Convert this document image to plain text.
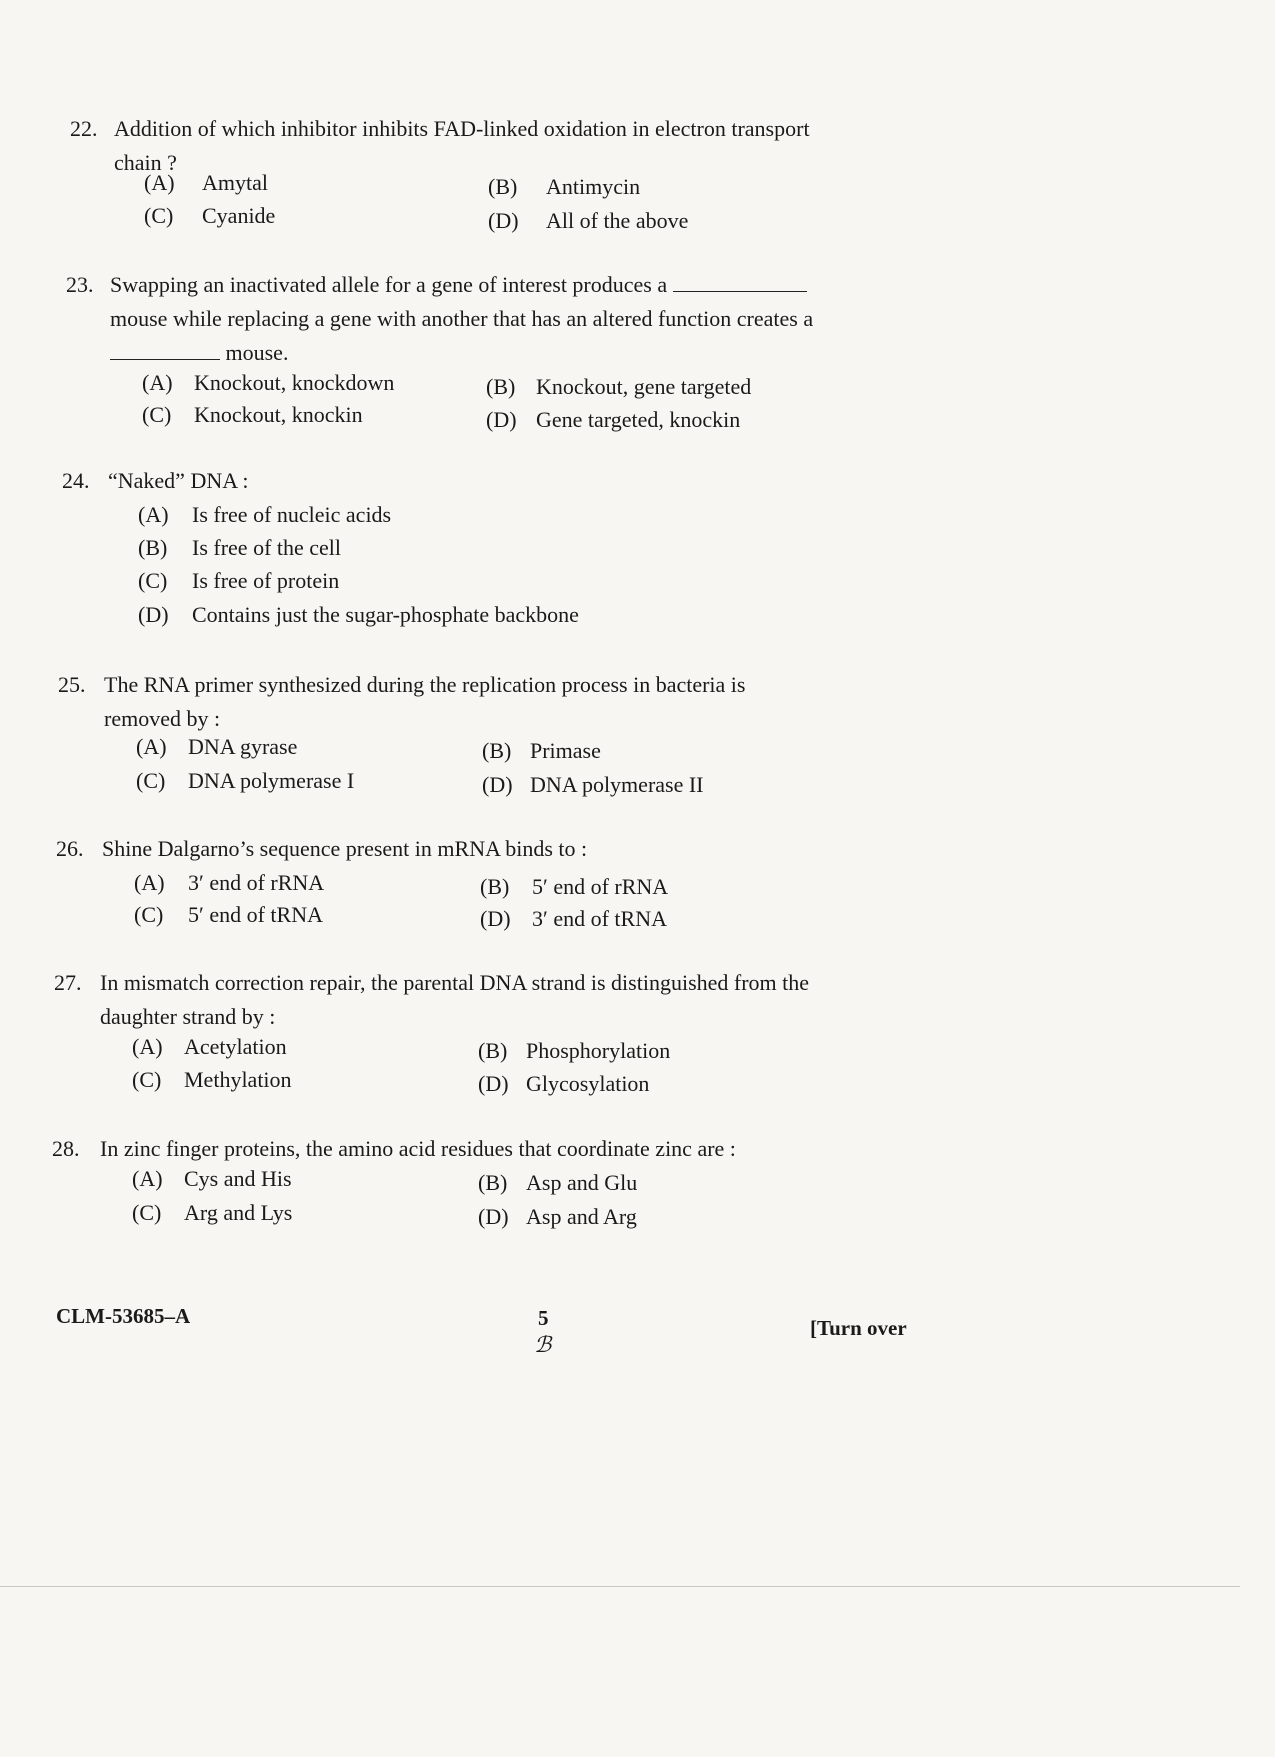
22. Addition of which inhibitor inhibits FAD-linked oxidation in electron transport chain ?
(A) Amytal	(B) Antimycin
(C) Cyanide	(D) All of the above
23. Swapping an inactivated allele for a gene of interest produces a
mouse while replacing a gene with another that has an altered function creates a
mouse.
(A) Knockout, knockdown	(B) Knockout, gene targeted
(C) Knockout, knockin	(D) Gene targeted, knockin
24. “Naked” DNA :
(A) Is free of nucleic acids
(B) Is free of the cell
(C) Is free of protein
(D) Contains just the sugar-phosphate backbone
25. The RNA primer synthesized during the replication process in bacteria is removed by :
(A) DNA gyrase	(B) Primase
(C) DNA polymerase I	(D) DNA polymerase II
26. Shine Dalgarno’s sequence present in mRNA binds to :
(A) 3′ end of rRNA	(B) 5′ end of rRNA
(C) 5′ end of tRNA	(D) 3′ end of tRNA
27. In mismatch correction repair, the parental DNA strand is distinguished from the daughter strand by :
(A) Acetylation	(B) Phosphorylation
(C) Methylation	(D) Glycosylation
28. In zinc finger proteins, the amino acid residues that coordinate zinc are :
(A) Cys and His	(B) Asp and Glu
(C) Arg and Lys	(D) Asp and Arg
CLM-53685–A	5
ℬ
[Turn over
